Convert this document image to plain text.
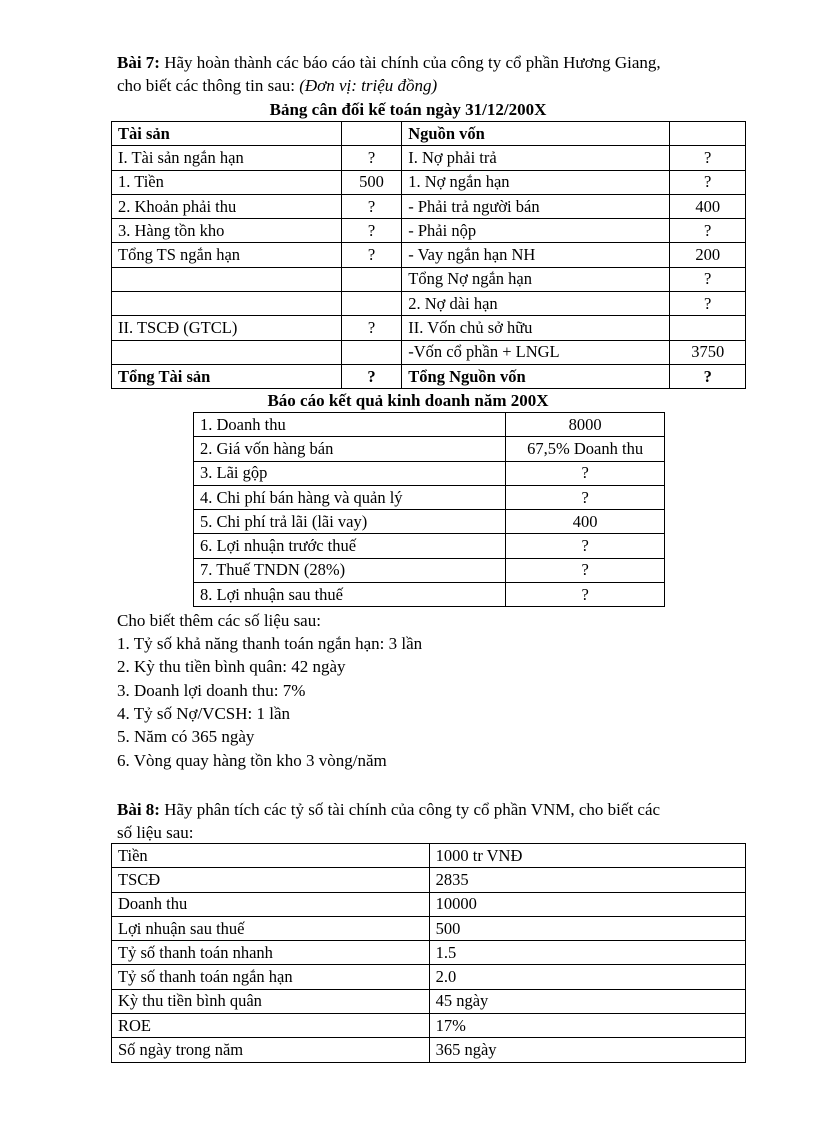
Bài 7: Hãy hoàn thành các báo cáo tài chính của công ty cổ phần Hương Giang,
cho biết các thông tin sau: (Đơn vị: triệu đồng)
Bảng cân đối kế toán ngày 31/12/200X
Tài sản		Nguồn vốn	
I. Tài sản ngắn hạn	?	I. Nợ phải trả	?
1. Tiền	500	1. Nợ ngắn hạn	?
2. Khoản phải thu	?	- Phải trả người bán	400
3. Hàng tồn kho	?	- Phải nộp	?
Tổng TS ngắn hạn	?	- Vay ngắn hạn NH	200
		Tổng Nợ ngắn hạn	?
		2. Nợ dài hạn	?
II. TSCĐ (GTCL)	?	II. Vốn chủ sở hữu	
		-Vốn cổ phần + LNGL	3750
Tổng Tài sản	?	Tổng Nguồn vốn	?
Báo cáo kết quả kinh doanh năm 200X
1. Doanh thu	8000
2. Giá vốn hàng bán	67,5% Doanh thu
3. Lãi gộp	?
4. Chi phí bán hàng và quản lý	?
5. Chi phí trả lãi (lãi vay)	400
6. Lợi nhuận trước thuế	?
7. Thuế TNDN (28%)	?
8. Lợi nhuận sau thuế	?
Cho biết thêm các số liệu sau:
1. Tỷ số khả năng thanh toán ngắn hạn: 3 lần
2. Kỳ thu tiền bình quân: 42 ngày
3. Doanh lợi doanh thu: 7%
4. Tỷ số Nợ/VCSH: 1 lần
5. Năm có 365 ngày
6. Vòng quay hàng tồn kho 3 vòng/năm
Bài 8: Hãy phân tích các tỷ số tài chính của công ty cổ phần VNM, cho biết các
số liệu sau:
Tiền	1000 tr VNĐ
TSCĐ	2835
Doanh thu	10000
Lợi nhuận sau thuế	500
Tỷ số thanh toán nhanh	1.5
Tỷ số thanh toán ngắn hạn	2.0
Kỳ thu tiền bình quân	45 ngày
ROE	17%
Số ngày trong năm	365 ngày
